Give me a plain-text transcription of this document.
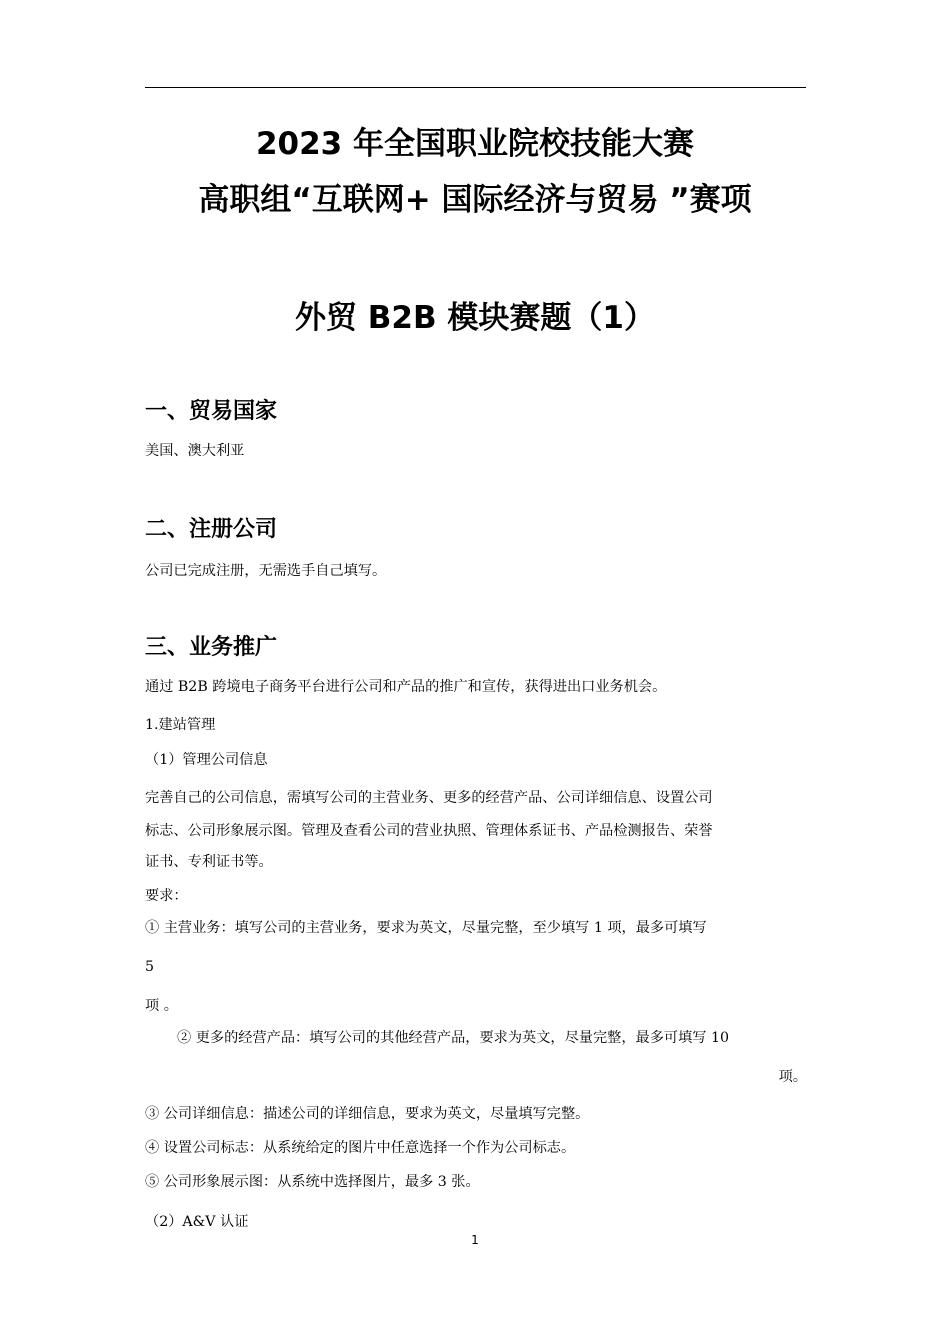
2023 年全国职业院校技能大赛
高职组“互联网+ 国际经济与贸易 ”赛项
外贸 B2B 模块赛题（1）
一、贸易国家
美国、澳大利亚
二、注册公司
公司已完成注册，无需选手自己填写。
三、业务推广
通过 B2B 跨境电子商务平台进行公司和产品的推广和宣传，获得进出口业务机会。
1.建站管理
（1）管理公司信息
完善自己的公司信息，需填写公司的主营业务、更多的经营产品、公司详细信息、设置公司
标志、公司形象展示图。管理及查看公司的营业执照、管理体系证书、产品检测报告、荣誉
证书、专利证书等。
要求：
① 主营业务：填写公司的主营业务，要求为英文，尽量完整，至少填写 1 项，最多可填写
5
项 。
② 更多的经营产品：填写公司的其他经营产品，要求为英文，尽量完整，最多可填写 10
项。
③ 公司详细信息：描述公司的详细信息，要求为英文，尽量填写完整。
④ 设置公司标志：从系统给定的图片中任意选择一个作为公司标志。
⑤ 公司形象展示图：从系统中选择图片，最多 3 张。
（2）A&V 认证
1
